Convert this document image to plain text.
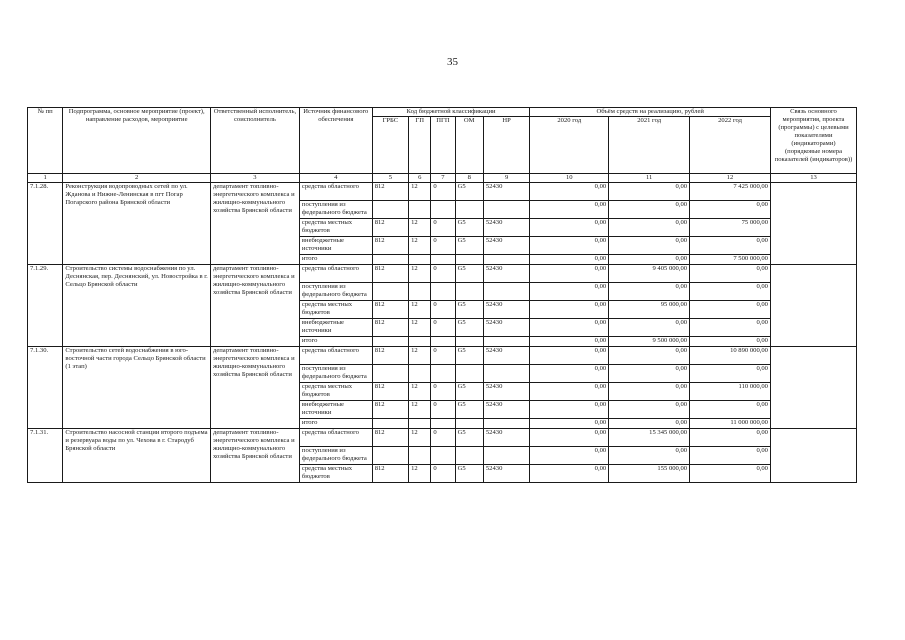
35
№ пп	Подпрограмма, основное мероприятие (проект), направление расходов, мероприятие	Ответственный исполнитель, соисполнитель	Источник финансового обеспечения	Код бюджетной классификации					Объём средств на реализацию, рублей			Связь основного мероприятия, проекта (программы) с целевыми показателями (индикаторами) (порядковые номера показателей (индикаторов))
				ГРБС	ГП	ПГП	ОМ	НР	2020 год	2021 год	2022 год	
1	2	3	4	5	6	7	8	9	10	11	12	13
7.1.28.	Реконструкция водопроводных сетей по ул. Жданова и Нижне-Ленинская в пгт Погар Погарского района Брянской области	департамент топливно-энергетического комплекса и жилищно-коммунального хозяйства Брянской области	средства областного	812	12	0	G5	52430	0,00	0,00	7 425 000,00	
			поступления из федерального бюджета						0,00	0,00	0,00	
			средства местных бюджетов	812	12	0	G5	52430	0,00	0,00	75 000,00	
			внебюджетные источники	812	12	0	G5	52430	0,00	0,00	0,00	
			итого						0,00	0,00	7 500 000,00	
7.1.29.	Строительство системы водоснабжения по ул. Деснянская, пер. Деснянский, ул. Новостройка в г. Сельцо Брянской области	департамент топливно-энергетического комплекса и жилищно-коммунального хозяйства Брянской области	средства областного	812	12	0	G5	52430	0,00	9 405 000,00	0,00	
			поступления из федерального бюджета						0,00	0,00	0,00	
			средства местных бюджетов	812	12	0	G5	52430	0,00	95 000,00	0,00	
			внебюджетные источники	812	12	0	G5	52430	0,00	0,00	0,00	
			итого						0,00	9 500 000,00	0,00	
7.1.30.	Строительство сетей водоснабжения в юго-восточной части города Сельцо Брянской области (1 этап)	департамент топливно-энергетического комплекса и жилищно-коммунального хозяйства Брянской области	средства областного	812	12	0	G5	52430	0,00	0,00	10 890 000,00	
			поступления из федерального бюджета						0,00	0,00	0,00	
			средства местных бюджетов	812	12	0	G5	52430	0,00	0,00	110 000,00	
			внебюджетные источники	812	12	0	G5	52430	0,00	0,00	0,00	
			итого						0,00	0,00	11 000 000,00	
7.1.31.	Строительство насосной станции второго подъема и резервуара воды по ул. Чехова в г. Стародуб Брянской области	департамент топливно-энергетического комплекса и жилищно-коммунального хозяйства Брянской области	средства областного	812	12	0	G5	52430	0,00	15 345 000,00	0,00	
			поступления из федерального бюджета						0,00	0,00	0,00	
			средства местных бюджетов	812	12	0	G5	52430	0,00	155 000,00	0,00	
